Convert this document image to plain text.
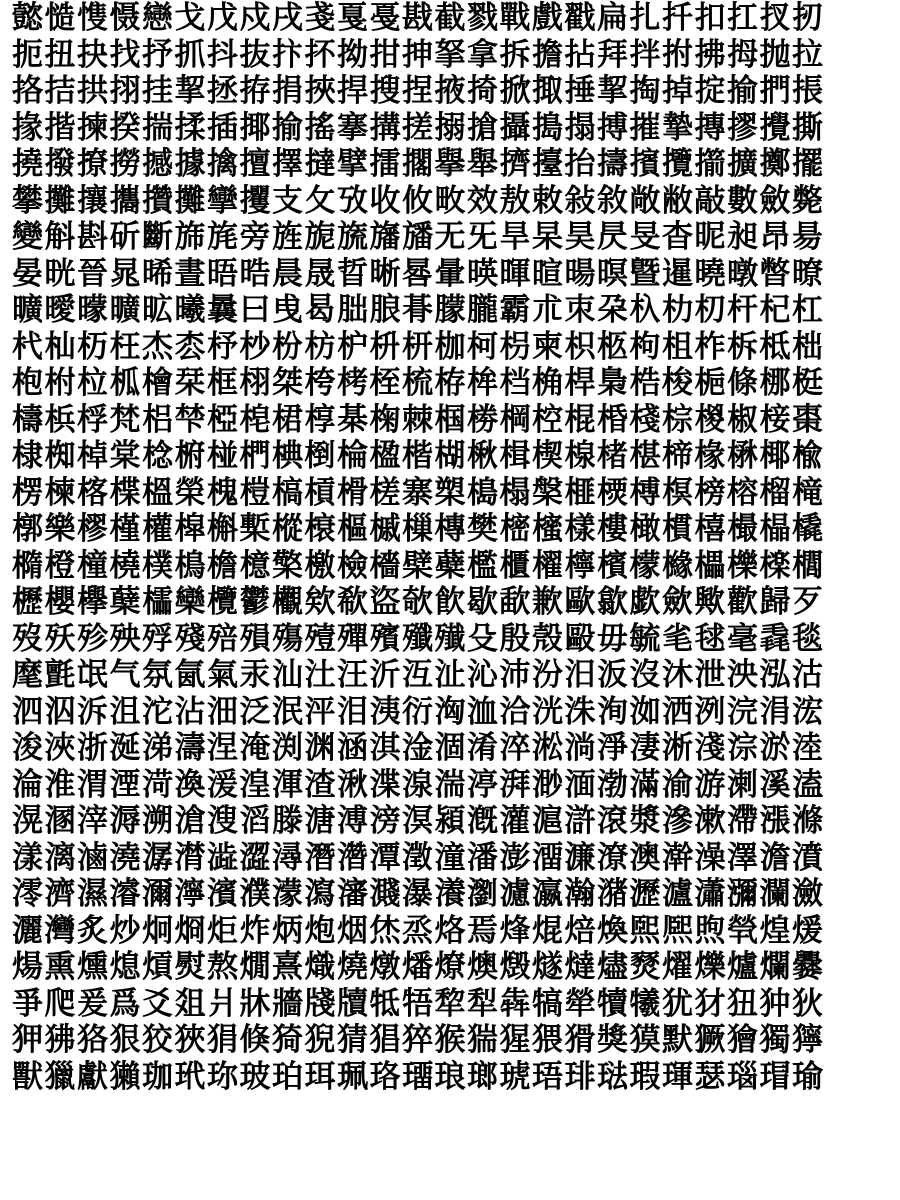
懿慥愯慑戀戈戊戍戌戔戛戞戡截戮戰戲戳扁扎扦扣扛扠扨
扼扭抉找抒抓抖抜抃抔拗拑抻拏拿拆擔拈拜拌拊拂拇抛拉
挌拮拱挧挂挈拯拵捐挾捍搜捏掖掎掀掫捶挈掏掉掟揄捫掁
掾揩揀揆揣揉插揶揄搖搴搆搓搦搶攝搗搨搏摧摯摶摎攪撕
撓撥撩撈撼據擒擅擇撻擘擂擱擧舉擠擡抬擣擯攬擶擴擲擺
攀攤攘攜攢攤攣攫支攵攷收攸畋效敖敕敍敘敞敝敲數斂斃
變斛斟斫斷旆旄旁旌旎旒旛旙无旡旱杲昊昃旻杳昵昶昂昜
晏晄晉晁晞晝晤晧晨晟晢晰晷暈暎暉暄暘暝曁暹曉暾暼暸
曠曖曚曠昿曦曩曰曵曷朏朖朞朦朧霸朮朿朶杁朸朷杆杞杠
杙杣杤枉杰枩杼杪枌枋枦枡枅枷柯枴柬枳柩枸柤柞柝柢柮
枹柎柆柧檜栞框栩桀桍栲桎梳栫桙档桷桿梟梏梭梔條梛梃
檮梹桴梵梠梺椏梍桾椁棊椈棘椢椦棡椌棍棔棧棕椶椒椄棗
棣椥棹棠棯椨椪椚椣椡棆楹楷楜楸楫楔楾楮椹楴椽楙椰楡
楞楝楁楪榲榮槐榿槁槓榾槎寨槊槝榻槃榧樮榑榠榜榕榴槞
槨樂樛槿權槹槲槧樅榱樞槭樔槫樊樒櫁樣樓橄樌橲樶橸橇
橢橙橦橈樸樢檐檍檠檄檢檣檗蘗檻櫃櫂檸檳檬櫞櫑櫟檪櫚
櫪櫻欅蘖櫺欒欖鬱欟欸欷盜欹飮歇歃歉歐歙歔歛歟歡歸歹
歿殀殄殃殍殘殕殞殤殪殫殯殲殱殳殷殼毆毋毓毟毬毫毳毯
麾氈氓气氛氤氣汞汕汢汪沂沍沚沁沛汾汨汳沒沐泄泱泓沽
泗泅泝沮沱沾沺泛泯泙泪洟衍洶洫洽洸洙洵洳洒洌浣涓浤
浚浹浙涎涕濤涅淹渕渊涵淇淦涸淆淬淞淌淨淒淅淺淙淤淕
淪淮渭湮渮渙湲湟渾渣湫渫湶湍渟湃渺湎渤滿渝游溂溪溘
滉溷滓溽溯滄溲滔滕溏溥滂溟潁漑灌滬滸滾漿滲漱滯漲滌
漾漓滷澆潺潸澁澀潯潛濳潭澂潼潘澎澑濂潦澳澣澡澤澹濆
澪濟濕濬濔濘濱濮濛瀉瀋濺瀑瀁瀏濾瀛瀚潴瀝瀘瀟瀰瀾瀲
灑灣炙炒炯烱炬炸炳炮烟烋烝烙焉烽焜焙煥煕熈煦煢煌煖
煬熏燻熄熕熨熬燗熹熾燒燉燔燎燠燬燧燵燼燹燿爍爐爛爨
爭爬爰爲爻爼爿牀牆牋牘牴牾犂犁犇犒犖犢犧犹犲狃狆狄
狎狒狢狠狡狹狷倏猗猊猜猖猝猴猯猩猥猾獎獏默獗獪獨獰
獸獵獻獺珈玳珎玻珀珥珮珞璢琅瑯琥珸琲琺瑕琿瑟瑙瑁瑜
